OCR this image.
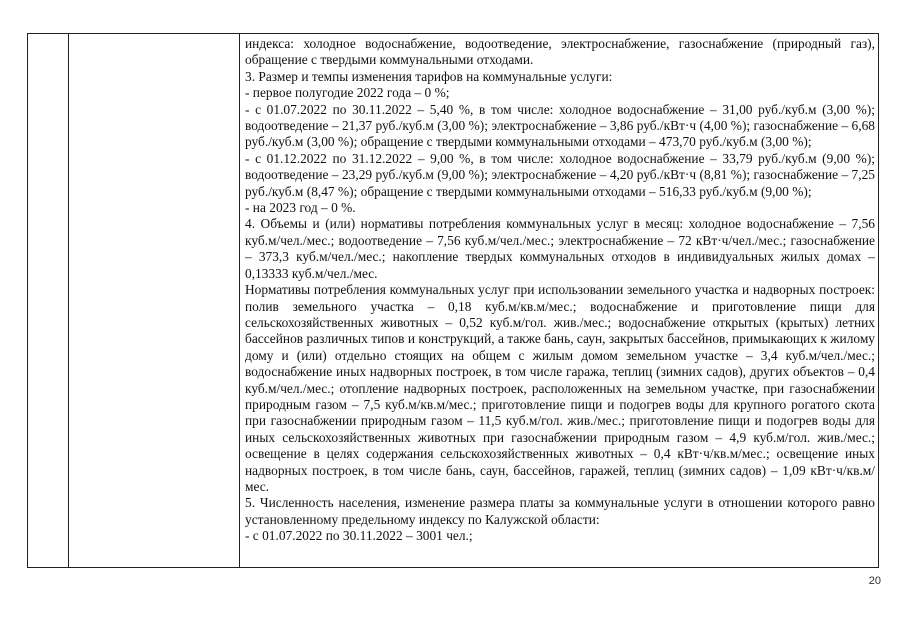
индекса: холодное водоснабжение, водоотведение, электроснабжение, газоснабжение (природный газ), обращение с твердыми коммунальными отходами.

3. Размер и темпы изменения тарифов на коммунальные услуги:

- первое полугодие 2022 года – 0 %;

- с 01.07.2022 по 30.11.2022 – 5,40 %, в том числе: холодное водоснабжение – 31,00 руб./куб.м (3,00 %); водоотведение – 21,37 руб./куб.м (3,00 %); электроснабжение – 3,86 руб./кВт·ч (4,00 %); газоснабжение – 6,68 руб./куб.м (3,00 %); обращение с твердыми коммунальными отходами – 473,70 руб./куб.м (3,00 %);

- с 01.12.2022 по 31.12.2022 – 9,00 %, в том числе: холодное водоснабжение – 33,79 руб./куб.м (9,00 %); водоотведение – 23,29 руб./куб.м (9,00 %); электроснабжение – 4,20 руб./кВт·ч (8,81 %); газоснабжение – 7,25 руб./куб.м (8,47 %); обращение с твердыми коммунальными отходами – 516,33 руб./куб.м (9,00 %);

- на 2023 год – 0 %.

4. Объемы и (или) нормативы потребления коммунальных услуг в месяц: холодное водоснабжение – 7,56 куб.м/чел./мес.; водоотведение – 7,56 куб.м/чел./мес.; электроснабжение – 72 кВт·ч/чел./мес.; газоснабжение – 373,3 куб.м/чел./мес.; накопление твердых коммунальных отходов в индивидуальных жилых домах – 0,13333 куб.м/чел./мес.

Нормативы потребления коммунальных услуг при использовании земельного участка и надворных построек: полив земельного участка – 0,18 куб.м/кв.м/мес.; водоснабжение и приготовление пищи для сельскохозяйственных животных – 0,52 куб.м/гол. жив./мес.; водоснабжение открытых (крытых) летних бассейнов различных типов и конструкций, а также бань, саун, закрытых бассейнов, примыкающих к жилому дому и (или) отдельно стоящих на общем с жилым домом земельном участке – 3,4 куб.м/чел./мес.; водоснабжение иных надворных построек, в том числе гаража, теплиц (зимних садов), других объектов – 0,4 куб.м/чел./мес.; отопление надворных построек, расположенных на земельном участке, при газоснабжении природным газом – 7,5 куб.м/кв.м/мес.; приготовление пищи и подогрев воды для крупного рогатого скота при газоснабжении природным газом – 11,5 куб.м/гол. жив./мес.; приготовление пищи и подогрев воды для иных сельскохозяйственных животных при газоснабжении природным газом – 4,9 куб.м/гол. жив./мес.; освещение в целях содержания сельскохозяйственных животных – 0,4 кВт·ч/кв.м/мес.; освещение иных надворных построек, в том числе бань, саун, бассейнов, гаражей, теплиц (зимних садов) – 1,09 кВт·ч/кв.м/мес.

5. Численность населения, изменение размера платы за коммунальные услуги в отношении которого равно установленному предельному индексу по Калужской области:

- с 01.07.2022 по 30.11.2022 – 3001 чел.;

20
